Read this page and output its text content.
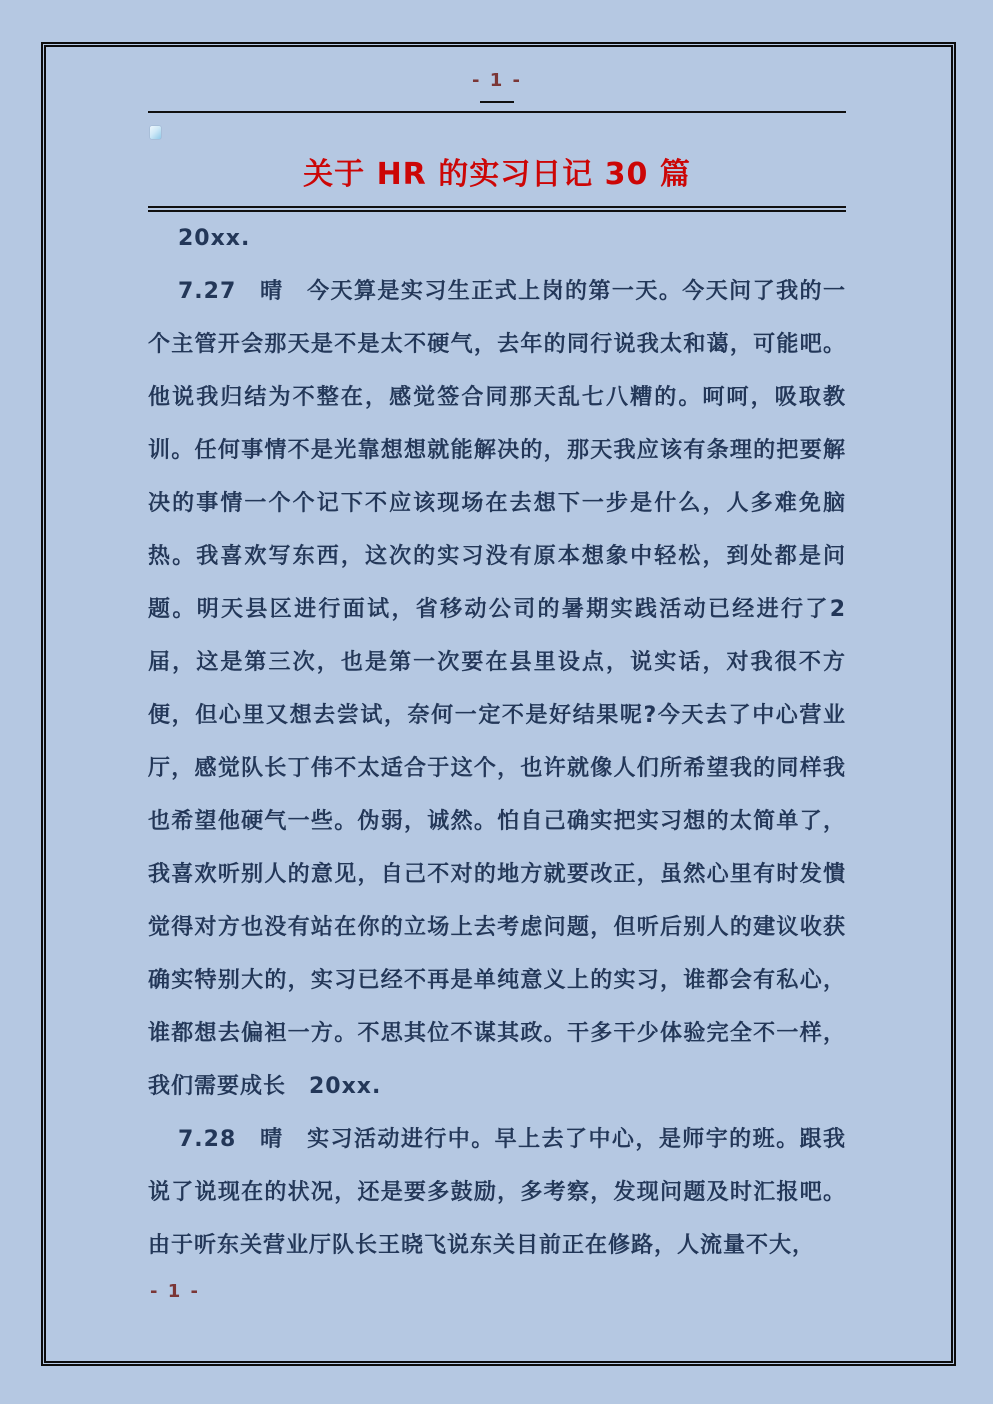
- 1 -
关于 HR 的实习日记 30 篇

20xx.

7.27　晴　今天算是实习生正式上岗的第一天。今天问了我的一个主管开会那天是不是太不硬气，去年的同行说我太和蔼，可能吧。他说我归结为不整在，感觉签合同那天乱七八糟的。呵呵，吸取教训。任何事情不是光靠想想就能解决的，那天我应该有条理的把要解决的事情一个个记下不应该现场在去想下一步是什么，人多难免脑热。我喜欢写东西，这次的实习没有原本想象中轻松，到处都是问题。明天县区进行面试，省移动公司的暑期实践活动已经进行了2届，这是第三次，也是第一次要在县里设点，说实话，对我很不方便，但心里又想去尝试，奈何一定不是好结果呢?今天去了中心营业厅，感觉队长丁伟不太适合于这个，也许就像人们所希望我的同样我也希望他硬气一些。伪弱，诚然。怕自己确实把实习想的太简单了，我喜欢听别人的意见，自己不对的地方就要改正，虽然心里有时发憒觉得对方也没有站在你的立场上去考虑问题，但听后别人的建议收获确实特别大的，实习已经不再是单纯意义上的实习，谁都会有私心，谁都想去偏袒一方。不思其位不谋其政。干多干少体验完全不一样，我们需要成长　20xx.

7.28　晴　实习活动进行中。早上去了中心，是师宇的班。跟我说了说现在的状况，还是要多鼓励，多考察，发现问题及时汇报吧。由于听东关营业厅队长王晓飞说东关目前正在修路，人流量不大，

- 1 -
